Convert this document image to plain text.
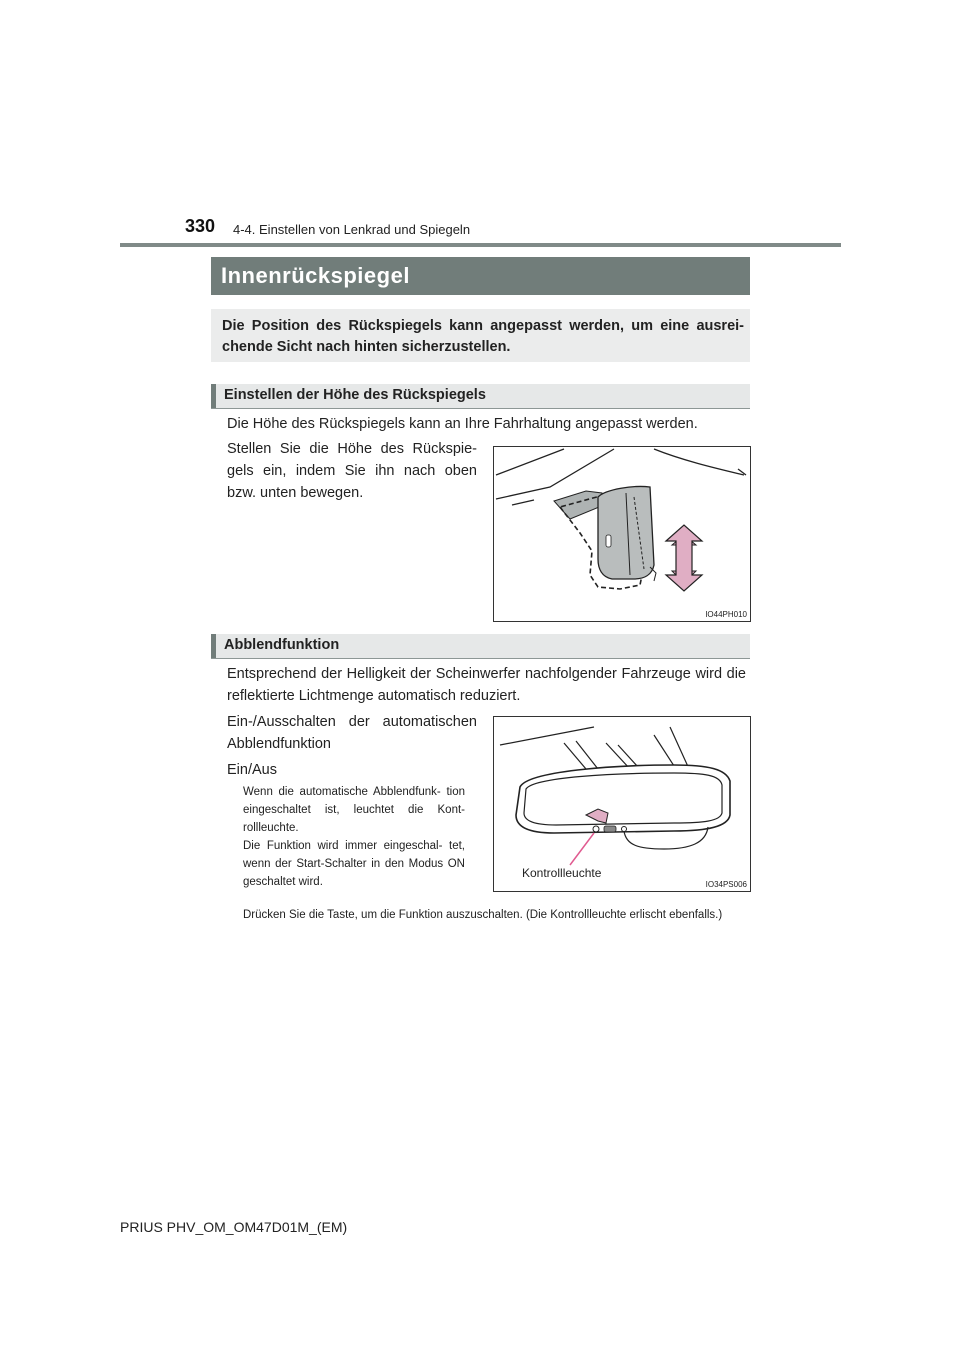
330 4-4. Einstellen von Lenkrad und Spiegeln
Innenrückspiegel
Die Position des Rückspiegels kann angepasst werden, um eine ausrei- chende Sicht nach hinten sicherzustellen.
Einstellen der Höhe des Rückspiegels
Die Höhe des Rückspiegels kann an Ihre Fahrhaltung angepasst werden.
Stellen Sie die Höhe des Rückspie- gels ein, indem Sie ihn nach oben bzw. unten bewegen.
IO44PH010
Abblendfunktion
Entsprechend der Helligkeit der Scheinwerfer nachfolgender Fahrzeuge wird die reflektierte Lichtmenge automatisch reduziert.
Ein-/Ausschalten der automatischen Abblendfunktion
Ein/Aus
Wenn die automatische Abblendfunk- tion eingeschaltet ist, leuchtet die Kont- rollleuchte.
Die Funktion wird immer eingeschal- tet, wenn der Start-Schalter in den Modus ON geschaltet wird.
Drücken Sie die Taste, um die Funktion auszuschalten. (Die Kontrollleuchte erlischt ebenfalls.)
Kontrollleuchte
IO34PS006
PRIUS PHV_OM_OM47D01M_(EM)
